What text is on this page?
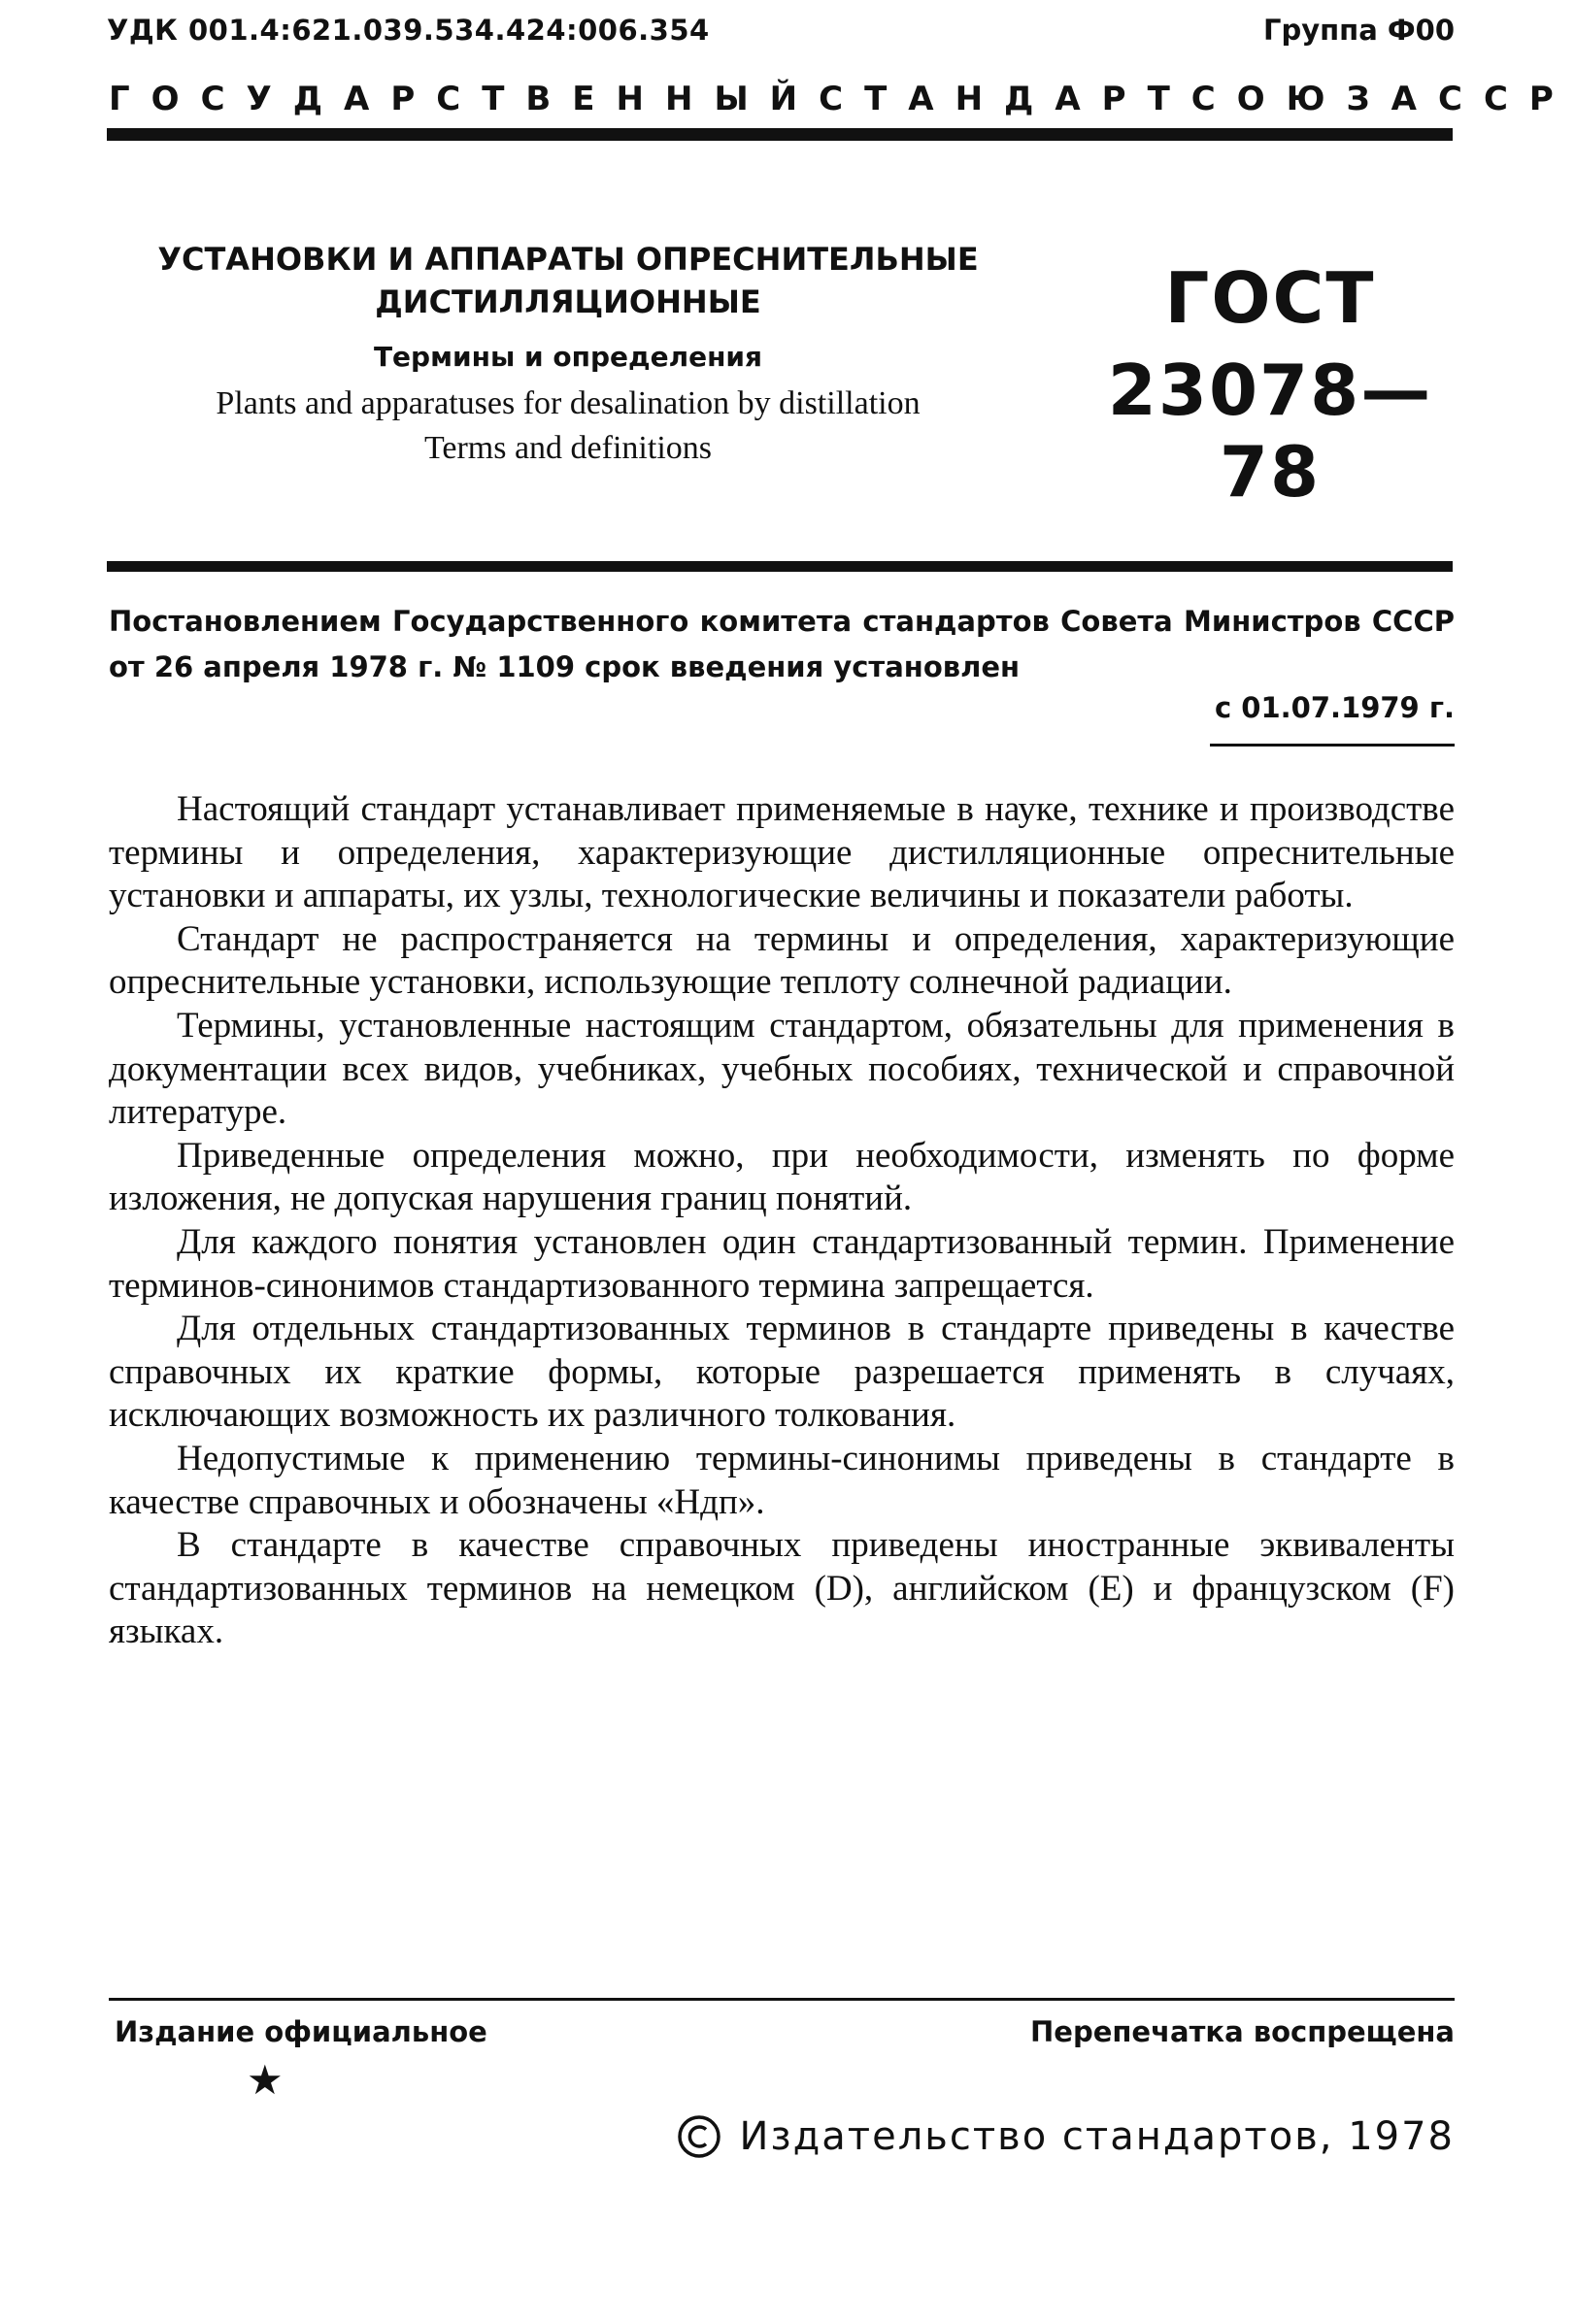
УДК 001.4:621.039.534.424:006.354	Группа Ф00
ГОСУДАРСТВЕННЫЙ СТАНДАРТ СОЮЗА ССР
УСТАНОВКИ И АППАРАТЫ ОПРЕСНИТЕЛЬНЫЕ
ДИСТИЛЛЯЦИОННЫЕ
Термины и определения
Plants and apparatuses for desalination by distillation
Terms and definitions
ГОСТ
23078—78
Постановлением Государственного комитета стандартов Совета Министров СССР
от 26 апреля 1978 г. № 1109 срок введения установлен
с 01.07.1979 г.

Настоящий стандарт устанавливает применяемые в науке, технике и производстве термины и определения, характеризующие дистилляционные опреснительные установки и аппараты, их узлы, технологические величины и показатели работы.

Стандарт не распространяется на термины и определения, характеризующие опреснительные установки, использующие теплоту солнечной радиации.

Термины, установленные настоящим стандартом, обязательны для применения в документации всех видов, учебниках, учебных пособиях, технической и справочной литературе.

Приведенные определения можно, при необходимости, изменять по форме изложения, не допуская нарушения границ понятий.

Для каждого понятия установлен один стандартизованный термин. Применение терминов-синонимов стандартизованного термина запрещается.

Для отдельных стандартизованных терминов в стандарте приведены в качестве справочных их краткие формы, которые разрешается применять в случаях, исключающих возможность их различного толкования.

Недопустимые к применению термины-синонимы приведены в стандарте в качестве справочных и обозначены «Ндп».

В стандарте в качестве справочных приведены иностранные эквиваленты стандартизованных терминов на немецком (D), английском (E) и французском (F) языках.

Издание официальное	Перепечатка воспрещена
★
Издательство стандартов, 1978
